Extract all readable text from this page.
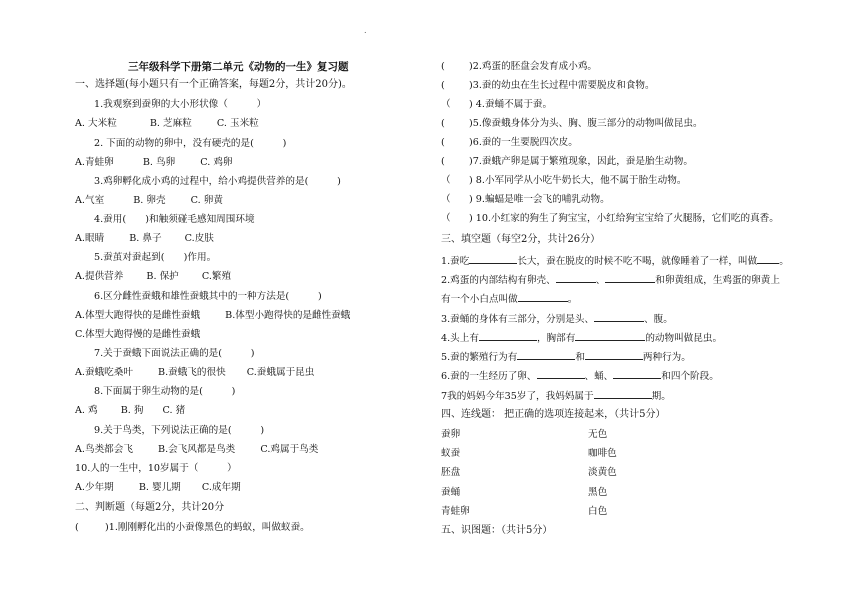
.
三年级科学下册第二单元《动物的一生》复习题
一、选择题(每小题只有一个正确答案，每题2分，共计20分)。
1.我观察到蚕卵的大小形状像（　　　）
A. 大米粒	B. 芝麻粒	C. 玉米粒
2. 下面的动物的卵中，没有硬壳的是(　　　)
A.青蛙卵	B. 鸟卵	C. 鸡卵
3.鸡卵孵化成小鸡的过程中，给小鸡提供营养的是(　　　)
A.气室	B. 卵壳	C. 卵黄
4.蚕用(　　)和触须碰毛感知周围环境
A.眼睛	B. 鼻子 C.皮肤
5.蚕茧对蚕起到(　　)作用。
A.提供营养 B. 保护 C.繁殖
6.区分雌性蚕蛾和雄性蚕蛾其中的一种方法是(　　　)
A.体型大跑得快的是雌性蚕蛾	B.体型小跑得快的是雌性蚕蛾
C.体型大跑得慢的是雌性蚕蛾
7.关于蚕蛾下面说法正确的是(　　　)
A.蚕蛾吃桑叶	B.蚕蛾飞的很快 C.蚕蛾属于昆虫
8.下面属于卵生动物的是(　　　)
A. 鸡 B. 狗 C. 猪
9.关于鸟类，下列说法正确的是(　　　)
A.鸟类都会飞	B.会飞风都是鸟类	C.鸡属于鸟类
10.人的一生中，10岁属于（　　　）
A.少年期	B. 婴儿期 C.成年期
二、判断题（每题2分，共计20分
(	)1.刚刚孵化出的小蚕像黑色的蚂蚁，叫做蚁蚕。
(	)2.鸡蛋的胚盘会发育成小鸡。
(	)3.蚕的幼虫在生长过程中需要脱皮和食物。
（ ) 4.蚕蛹不属于蚕。
(	)5.像蚕蛾身体分为头、胸、腹三部分的动物叫做昆虫。
(	)6.蚕的一生要脱四次皮。
(	)7.蚕蛾产卵是属于繁殖现象，因此，蚕是胎生动物。
（ ) 8.小军同学从小吃牛奶长大，他不属于胎生动物。
（ ) 9.蝙蝠是唯一会飞的哺乳动物。
（ ) 10.小红家的狗生了狗宝宝，小红给狗宝宝给了火腿肠，它们吃的真香。
三、填空题（每空2分，共计26分）
1.蚕吃	长大，蚕在脱皮的时候不吃不喝，就像睡着了一样，叫做 。
2.鸡蛋的内部结构有卵壳、	、	和卵黄组成，生鸡蛋的卵黄上
有一个小白点叫做	。
3.蚕蛹的身体有三部分，分别是头、	、腹。
4.头上有	，胸部有	的动物叫做昆虫。
5.蚕的繁殖行为有	和	两种行为。
6.蚕的一生经历了卵、	、蛹、	和四个阶段。
7我的妈妈今年35岁了，我妈妈属于	期。
四、连线题： 把正确的选项连接起来，（共计5分）
蚕卵	无色
蚁蚕	咖啡色
胚盘	淡黄色
蚕蛹	黑色
青蛙卵	白色
五、识图题：（共计5分）
